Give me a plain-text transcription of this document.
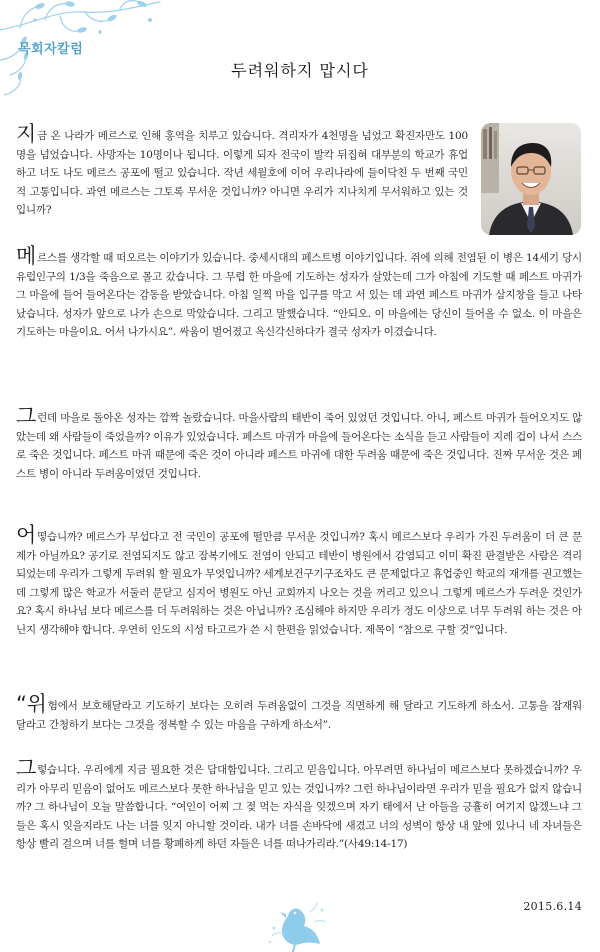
목회자칼럼
두려워하지 맙시다

지금 온 나라가 메르스로 인해 홍역을 치루고 있습니다. 격리자가 4천명을 넘었고 확진자만도 100명을 넘었습니다. 사망자는 10명이나 됩니다. 이렇게 되자 전국이 발칵 뒤집혀 대부분의 학교가 휴업하고 너도 나도 메르스 공포에 떨고 있습니다. 작년 세월호에 이어 우리나라에 들이닥친 두 번째 국민적 고통입니다. 과연 메르스는 그토록 무서운 것입니까? 아니면 우리가 지나치게 무서워하고 있는 것입니까?

메르스를 생각할 때 떠오르는 이야기가 있습니다. 중세시대의 페스트병 이야기입니다. 쥐에 의해 전염된 이 병은 14세기 당시 유럽인구의 1/3을 죽음으로 몰고 갔습니다. 그 무렵 한 마을에 기도하는 성자가 살았는데 그가 아침에 기도할 때 페스트 마귀가 그 마을에 들어 들어온다는 감동을 받았습니다. 아침 일찍 마을 입구를 막고 서 있는 데 과연 페스트 마귀가 삼지창을 들고 나타났습니다. 성자가 앞으로 나가 손으로 막았습니다. 그리고 말했습니다. “안되오. 이 마을에는 당신이 들어올 수 없소. 이 마을은 기도하는 마을이요. 어서 나가시요”. 싸움이 벌어졌고 옥신각신하다가 결국 성자가 이겼습니다.

그런데 마을로 돌아온 성자는 깜짝 놀랐습니다. 마을사람의 태반이 죽어 있었던 것입니다. 아니, 페스트 마귀가 들어오지도 않았는데 왜 사람들이 죽었을까? 이유가 있었습니다. 페스트 마귀가 마을에 들어온다는 소식을 듣고 사람들이 지레 겁이 나서 스스로 죽은 것입니다. 페스트 마귀 때문에 죽은 것이 아니라 페스트 마귀에 대한 두려움 때문에 죽은 것입니다. 진짜 무서운 것은 페스트 병이 아니라 두려움이었던 것입니다.

어떻습니까? 메르스가 무섭다고 전 국민이 공포에 떨만큼 무서운 것입니까? 혹시 메르스보다 우리가 가진 두려움이 더 큰 문제가 아닐까요? 공기로 전염되지도 않고 잠복기에도 전염이 안되고 테반이 병원에서 감염되고 이미 확진 판결받은 사람은 격리되었는데 우리가 그렇게 두려워 할 필요가 무엇입니까? 세계보건구기구조차도 큰 문제없다고 휴업중인 학교의 재개를 권고했는데 그렇게 많은 학교가 서둘러 문닫고 심지어 병원도 아닌 교회까지 나오는 것을 꺼리고 있으니 그렇게 메르스가 두려운 것인가요? 혹시 하나님 보다 메르스를 더 두려워하는 것은 아닙니까? 조심해야 하지만 우리가 정도 이상으로 너무 두려워 하는 것은 아닌지 생각해야 합니다. 우연히 인도의 시성 타고르가 쓴 시 한편을 읽었습니다. 제목이 “참으로 구할 것”입니다.

“위험에서 보호해달라고 기도하기 보다는 오히려 두려움없이 그것을 직면하게 해 달라고 기도하게 하소서. 고통을 잠재워 달라고 간청하기 보다는 그것을 정복할 수 있는 마음을 구하게 하소서”.

그렇습니다. 우리에게 지금 필요한 것은 담대함입니다. 그리고 믿음입니다. 아무려면 하나님이 메르스보다 못하겠습니까? 우리가 아무리 믿음이 없어도 메르스보다 못한 하나님을 믿고 있는 것입니까? 그런 하나님이라면 우리가 믿을 필요가 없지 않습니까? 그 하나님이 오늘 말씀합니다. “여인이 어찌 그 젖 먹는 자식을 잊겠으며 자기 태에서 난 아들을 긍휼히 여기지 않겠느냐 그들은 혹시 잊을지라도 나는 너를 잊지 아니할 것이라. 내가 너를 손바닥에 새겼고 너의 성벽이 항상 내 앞에 있나니 네 자녀들은 항상 빨리 걸으며 너를 헐며 너를 황폐하게 하던 자들은 너를 떠나가리라.”(사49:14-17)

2015.6.14
